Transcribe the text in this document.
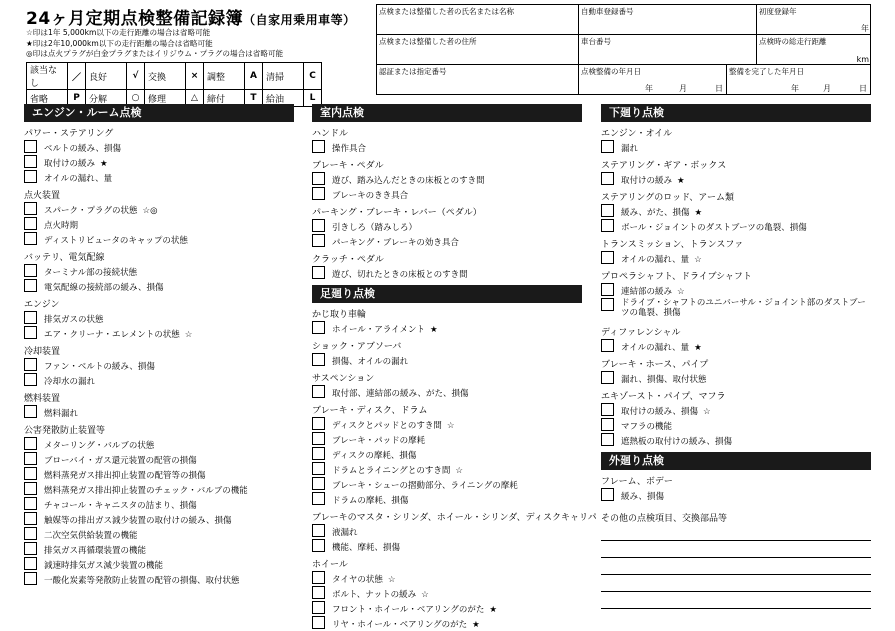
24ヶ月定期点検整備記録簿（自家用乗用車等）
☆印は1年 5,000km以下の走行距離の場合は省略可能
★印は2年10,000km以下の走行距離の場合は省略可能
◎印は点火プラグが白金プラグまたはイリジウム・プラグの場合は省略可能
該当なし	／	良好	√	交換	×	調整	A	清掃	C
省略	P	分解	○	修理	△	締付	T	給油	L
点検または整備した者の氏名または名称	自動車登録番号	初度登録年
年
点検または整備した者の住所	車台番号	点検時の総走行距離
km
認証または指定番号	点検整備の年月日
年	月	日
整備を完了した年月日
年	月	日
エンジン・ルーム点検
パワー・ステアリング
ベルトの緩み、損傷
取付けの緩み ★
オイルの漏れ、量
点火装置
スパーク・プラグの状態 ☆◎
点火時期
ディストリビュータのキャップの状態
バッテリ、電気配線
ターミナル部の接続状態
電気配線の接続部の緩み、損傷
エンジン
排気ガスの状態
エア・クリーナ・エレメントの状態 ☆
冷却装置
ファン・ベルトの緩み、損傷
冷却水の漏れ
燃料装置
燃料漏れ
公害発散防止装置等
メターリング・バルブの状態
ブローバイ・ガス還元装置の配管の損傷
燃料蒸発ガス排出抑止装置の配管等の損傷
燃料蒸発ガス排出抑止装置のチェック・バルブの機能
チャコール・キャニスタの詰まり、損傷
触媒等の排出ガス減少装置の取付けの緩み、損傷
二次空気供給装置の機能
排気ガス再循環装置の機能
減速時排気ガス減少装置の機能
一酸化炭素等発散防止装置の配管の損傷、取付状態
室内点検
ハンドル
操作具合
ブレーキ・ペダル
遊び、踏み込んだときの床板とのすき間
ブレーキのきき具合
パーキング・ブレーキ・レバー（ペダル）
引きしろ（踏みしろ）
パーキング・ブレーキの効き具合
クラッチ・ペダル
遊び、切れたときの床板とのすき間
足廻り点検
かじ取り車輪
ホイール・アライメント ★
ショック・アブソーバ
損傷、オイルの漏れ
サスペンション
取付部、連結部の緩み、がた、損傷
ブレーキ・ディスク、ドラム
ディスクとパッドとのすき間 ☆
ブレーキ・パッドの摩耗
ディスクの摩耗、損傷
ドラムとライニングとのすき間 ☆
ブレーキ・シューの摺動部分、ライニングの摩耗
ドラムの摩耗、損傷
ブレーキのマスタ・シリンダ、ホイール・シリンダ、ディスクキャリパ
液漏れ
機能、摩耗、損傷
ホイール
タイヤの状態 ☆
ボルト、ナットの緩み ☆
フロント・ホイール・ベアリングのがた ★
リヤ・ホイール・ベアリングのがた ★
下廻り点検
エンジン・オイル
漏れ
ステアリング・ギア・ボックス
取付けの緩み ★
ステアリングのロッド、アーム類
緩み、がた、損傷 ★
ボール・ジョイントのダストブーツの亀裂、損傷
トランスミッション、トランスファ
オイルの漏れ、量 ☆
プロペラシャフト、ドライブシャフト
連結部の緩み ☆
ドライブ・シャフトのユニバーサル・ジョイント部のダストブーツの亀裂、損傷
ディファレンシャル
オイルの漏れ、量 ★
ブレーキ・ホース、パイプ
漏れ、損傷、取付状態
エキゾースト・パイプ、マフラ
取付けの緩み、損傷 ☆
マフラの機能
遮熱板の取付けの緩み、損傷
外廻り点検
フレーム、ボデー
緩み、損傷
その他の点検項目、交換部品等
